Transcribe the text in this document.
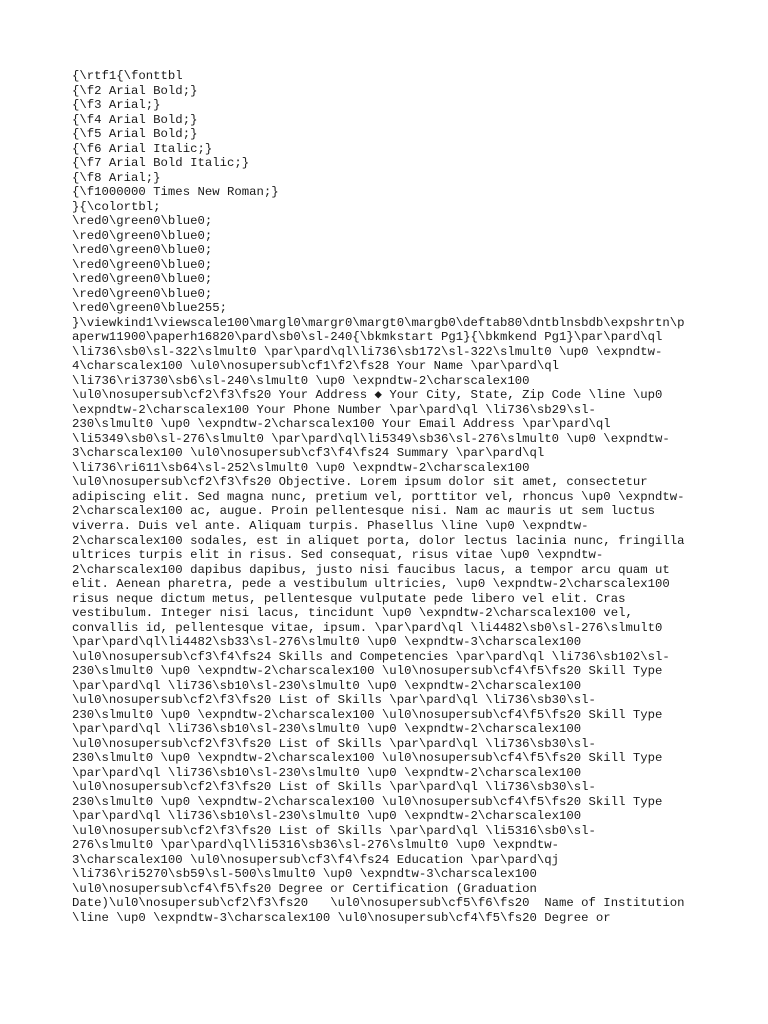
{\rtf1{\fonttbl
{\f2 Arial Bold;}
{\f3 Arial;}
{\f4 Arial Bold;}
{\f5 Arial Bold;}
{\f6 Arial Italic;}
{\f7 Arial Bold Italic;}
{\f8 Arial;}
{\f1000000 Times New Roman;}
}{\colortbl;
\red0\green0\blue0;
\red0\green0\blue0;
\red0\green0\blue0;
\red0\green0\blue0;
\red0\green0\blue0;
\red0\green0\blue0;
\red0\green0\blue255;
}\viewkind1\viewscale100\margl0\margr0\margt0\margb0\deftab80\dntblnsbdb\expshrtn\p
aperw11900\paperh16820\pard\sb0\sl-240{\bkmkstart Pg1}{\bkmkend Pg1}\par\pard\ql
\li736\sb0\sl-322\slmult0 \par\pard\ql\li736\sb172\sl-322\slmult0 \up0 \expndtw-
4\charscalex100 \ul0\nosupersub\cf1\f2\fs28 Your Name \par\pard\ql
\li736\ri3730\sb6\sl-240\slmult0 \up0 \expndtw-2\charscalex100
\ul0\nosupersub\cf2\f3\fs20 Your Address ◆ Your City, State, Zip Code \line \up0
\expndtw-2\charscalex100 Your Phone Number \par\pard\ql \li736\sb29\sl-
230\slmult0 \up0 \expndtw-2\charscalex100 Your Email Address \par\pard\ql
\li5349\sb0\sl-276\slmult0 \par\pard\ql\li5349\sb36\sl-276\slmult0 \up0 \expndtw-
3\charscalex100 \ul0\nosupersub\cf3\f4\fs24 Summary \par\pard\ql
\li736\ri611\sb64\sl-252\slmult0 \up0 \expndtw-2\charscalex100
\ul0\nosupersub\cf2\f3\fs20 Objective. Lorem ipsum dolor sit amet, consectetur
adipiscing elit. Sed magna nunc, pretium vel, porttitor vel, rhoncus \up0 \expndtw-
2\charscalex100 ac, augue. Proin pellentesque nisi. Nam ac mauris ut sem luctus
viverra. Duis vel ante. Aliquam turpis. Phasellus \line \up0 \expndtw-
2\charscalex100 sodales, est in aliquet porta, dolor lectus lacinia nunc, fringilla
ultrices turpis elit in risus. Sed consequat, risus vitae \up0 \expndtw-
2\charscalex100 dapibus dapibus, justo nisi faucibus lacus, a tempor arcu quam ut
elit. Aenean pharetra, pede a vestibulum ultricies, \up0 \expndtw-2\charscalex100
risus neque dictum metus, pellentesque vulputate pede libero vel elit. Cras
vestibulum. Integer nisi lacus, tincidunt \up0 \expndtw-2\charscalex100 vel,
convallis id, pellentesque vitae, ipsum. \par\pard\ql \li4482\sb0\sl-276\slmult0
\par\pard\ql\li4482\sb33\sl-276\slmult0 \up0 \expndtw-3\charscalex100
\ul0\nosupersub\cf3\f4\fs24 Skills and Competencies \par\pard\ql \li736\sb102\sl-
230\slmult0 \up0 \expndtw-2\charscalex100 \ul0\nosupersub\cf4\f5\fs20 Skill Type
\par\pard\ql \li736\sb10\sl-230\slmult0 \up0 \expndtw-2\charscalex100
\ul0\nosupersub\cf2\f3\fs20 List of Skills \par\pard\ql \li736\sb30\sl-
230\slmult0 \up0 \expndtw-2\charscalex100 \ul0\nosupersub\cf4\f5\fs20 Skill Type
\par\pard\ql \li736\sb10\sl-230\slmult0 \up0 \expndtw-2\charscalex100
\ul0\nosupersub\cf2\f3\fs20 List of Skills \par\pard\ql \li736\sb30\sl-
230\slmult0 \up0 \expndtw-2\charscalex100 \ul0\nosupersub\cf4\f5\fs20 Skill Type
\par\pard\ql \li736\sb10\sl-230\slmult0 \up0 \expndtw-2\charscalex100
\ul0\nosupersub\cf2\f3\fs20 List of Skills \par\pard\ql \li736\sb30\sl-
230\slmult0 \up0 \expndtw-2\charscalex100 \ul0\nosupersub\cf4\f5\fs20 Skill Type
\par\pard\ql \li736\sb10\sl-230\slmult0 \up0 \expndtw-2\charscalex100
\ul0\nosupersub\cf2\f3\fs20 List of Skills \par\pard\ql \li5316\sb0\sl-
276\slmult0 \par\pard\ql\li5316\sb36\sl-276\slmult0 \up0 \expndtw-
3\charscalex100 \ul0\nosupersub\cf3\f4\fs24 Education \par\pard\qj
\li736\ri5270\sb59\sl-500\slmult0 \up0 \expndtw-3\charscalex100
\ul0\nosupersub\cf4\f5\fs20 Degree or Certification (Graduation
Date)\ul0\nosupersub\cf2\f3\fs20   \ul0\nosupersub\cf5\f6\fs20  Name of Institution
\line \up0 \expndtw-3\charscalex100 \ul0\nosupersub\cf4\f5\fs20 Degree or
